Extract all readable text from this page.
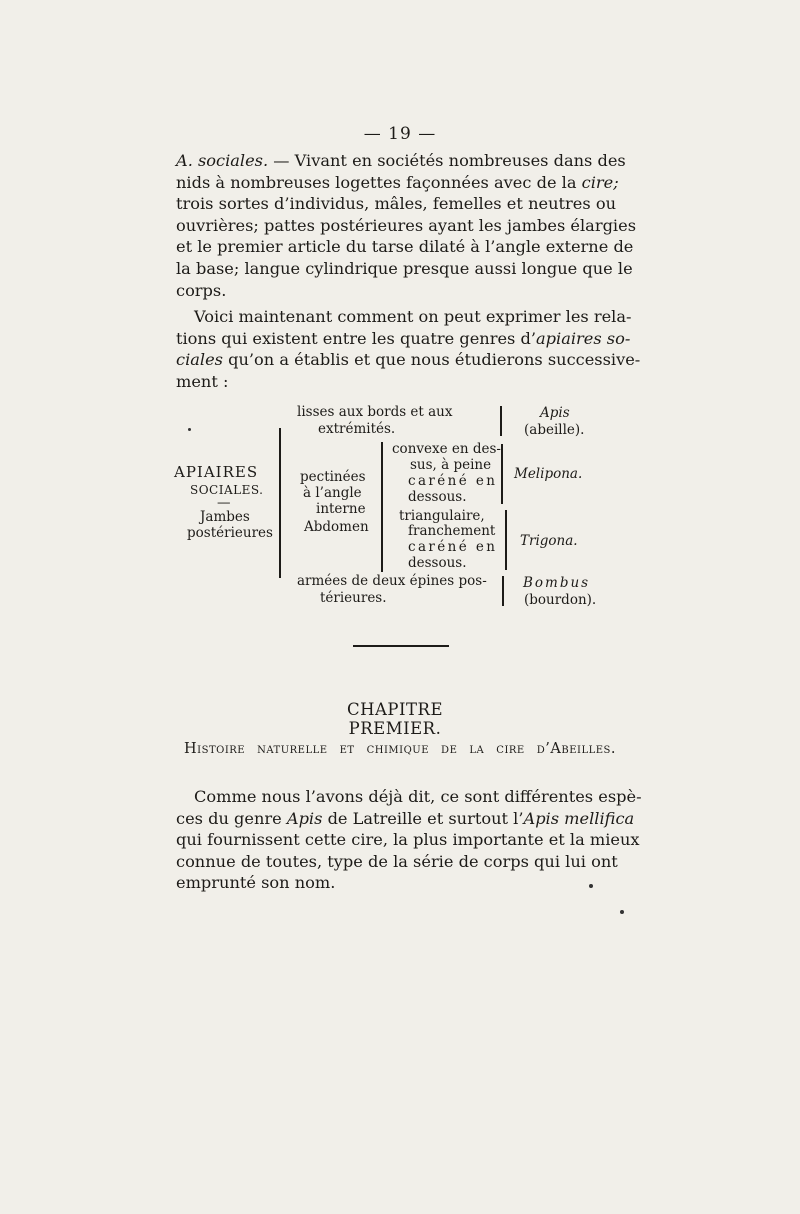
— 19 —
A. sociales. — Vivant en sociétés nombreuses dans des
nids à nombreuses logettes façonnées avec de la cire;
trois sortes d’individus, mâles, femelles et neutres ou
ouvrières; pattes postérieures ayant les jambes élargies
et le premier article du tarse dilaté à l’angle externe de
la base; langue cylindrique presque aussi longue que le
corps.
Voici maintenant comment on peut exprimer les rela-
tions qui existent entre les quatre genres d’apiaires so-
ciales qu’on a établis et que nous étudierons successive-
ment :
APIAIRES
SOCIALES.
—
Jambes
postérieures
lisses aux bords et aux
extrémités.
Apis
(abeille).
pectinées
à l’angle
interne
Abdomen
convexe en des-
sus, à peine
caréné en
dessous.
Melipona.
triangulaire,
franchement
caréné en
dessous.
Trigona.
armées de deux épines pos-
térieures.
Bombus
(bourdon).
CHAPITRE PREMIER.
Histoire naturelle et chimique de la cire d’Abeilles.
Comme nous l’avons déjà dit, ce sont différentes espè-
ces du genre Apis de Latreille et surtout l’Apis mellifica
qui fournissent cette cire, la plus importante et la mieux
connue de toutes, type de la série de corps qui lui ont
emprunté son nom.
